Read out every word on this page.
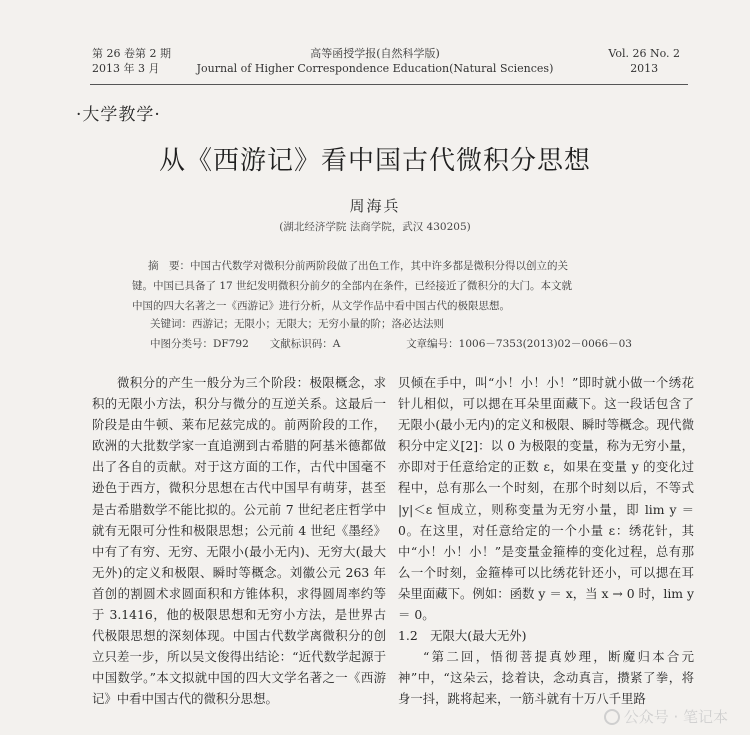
第 26 卷第 2 期
2013 年 3 月
高等函授学报(自然科学版)
Journal of Higher Correspondence Education(Natural Sciences)
Vol. 26 No. 2
2013
·大学教学·
从《西游记》看中国古代微积分思想
周海兵
(湖北经济学院 法商学院，武汉 430205)

摘　要：中国古代数学对微积分前两阶段做了出色工作，其中许多都是微积分得以创立的关

键。中国已具备了 17 世纪发明微积分前夕的全部内在条件，已经接近了微积分的大门。本文就

中国的四大名著之一《西游记》进行分析，从文学作品中看中国古代的极限思想。

关键词：西游记；无限小；无限大；无穷小量的阶；洛必达法则
中图分类号：DF792	文献标识码：A	文章编号：1006－7353(2013)02－0066－03

微积分的产生一般分为三个阶段：极限概念，求积的无限小方法，积分与微分的互逆关系。这最后一阶段是由牛顿、莱布尼兹完成的。前两阶段的工作，欧洲的大批数学家一直追溯到古希腊的阿基米德都做出了各自的贡献。对于这方面的工作，古代中国毫不逊色于西方，微积分思想在古代中国早有萌芽，甚至是古希腊数学不能比拟的。公元前 7 世纪老庄哲学中就有无限可分性和极限思想；公元前 4 世纪《墨经》中有了有穷、无穷、无限小(最小无内)、无穷大(最大无外)的定义和极限、瞬时等概念。刘徽公元 263 年首创的割圆术求圆面积和方锥体积，求得圆周率约等于 3.1416，他的极限思想和无穷小方法，是世界古代极限思想的深刻体现。中国古代数学离微积分的创立只差一步，所以吴文俊得出结论：“近代数学起源于中国数学。”本文拟就中国的四大文学名著之一《西游记》中看中国古代的微积分思想。

贝倾在手中，叫“小！小！小！”即时就小做一个绣花针儿相似，可以揌在耳朵里面藏下。这一段话包含了无限小(最小无内)的定义和极限、瞬时等概念。现代微积分中定义[2]：以 0 为极限的变量，称为无穷小量，亦即对于任意给定的正数 ε，如果在变量 y 的变化过程中，总有那么一个时刻，在那个时刻以后，不等式 |y|＜ε 恒成立，则称变量为无穷小量，即 lim y ＝ 0。在这里，对任意给定的一个小量 ε：绣花针，其中“小！小！小！”是变量金箍棒的变化过程，总有那么一个时刻，金箍棒可以比绣花针还小，可以揌在耳朵里面藏下。例如：函数 y ＝ x，当 x → 0 时，lim y ＝ 0。

1.2　无限大(最大无外)

“第二回，悟彻菩提真妙理，断魔归本合元神”中，“这朵云，捻着诀，念动真言，攒紧了拳，将身一抖，跳将起来，一筋斗就有十万八千里路

公众号 · 笔记本
